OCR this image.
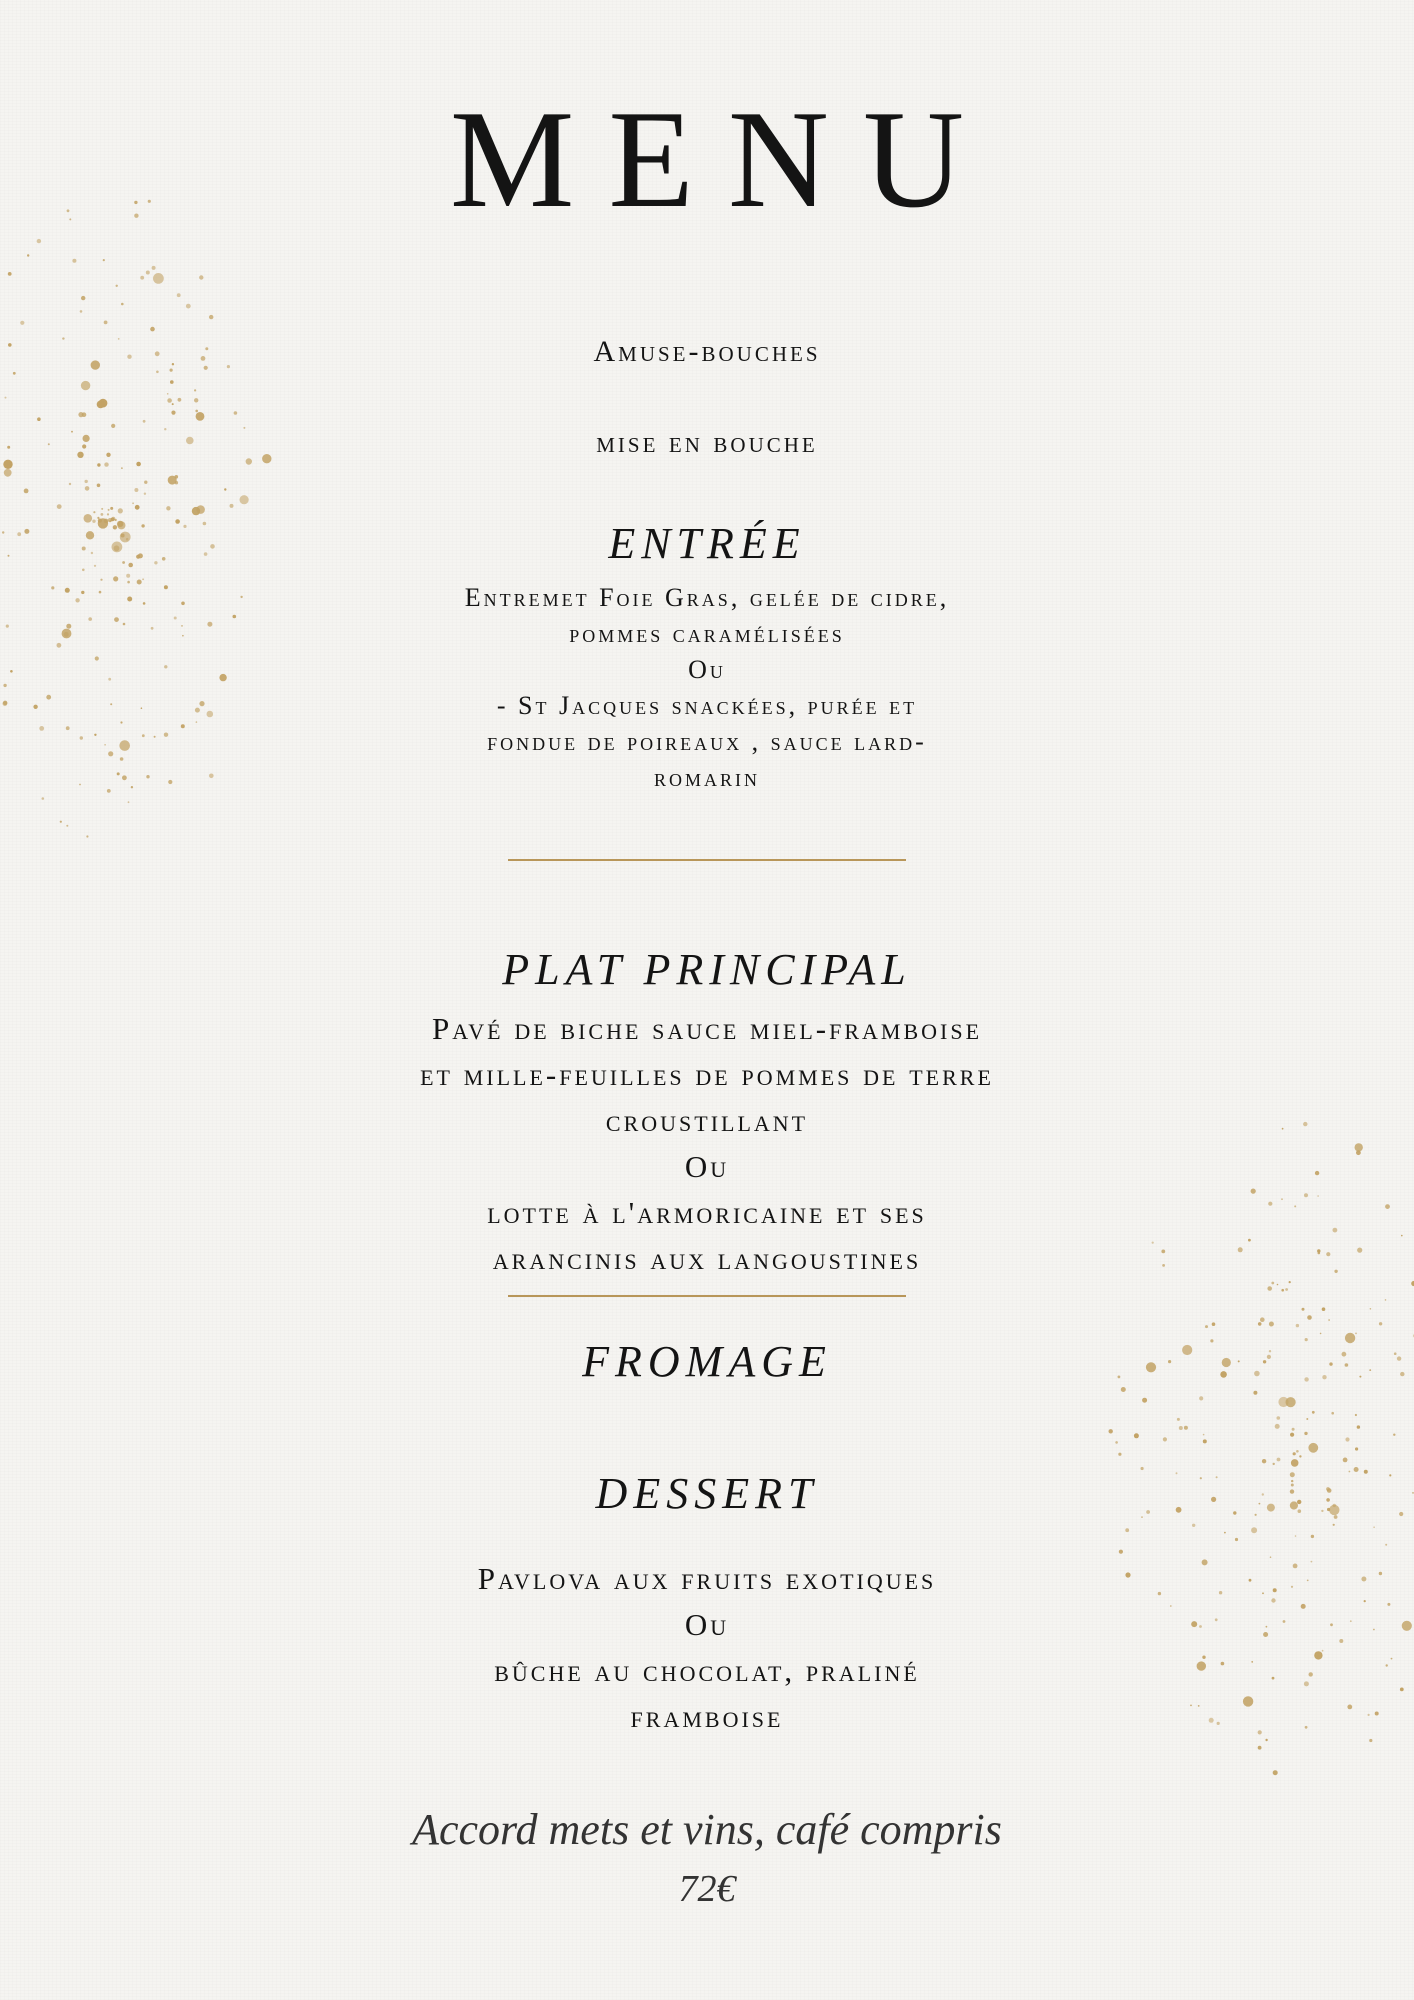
MENU
Amuse-bouches
mise en bouche
ENTRÉE
Entremet Foie Gras, gelée de cidre,
pommes caramélisées
Ou
- St Jacques snackées, purée et
fondue de poireaux , sauce lard-
romarin
PLAT PRINCIPAL
Pavé de biche sauce miel-framboise
et mille-feuilles de pommes de terre
croustillant
Ou
lotte à l'armoricaine et ses
arancinis aux langoustines
FROMAGE
DESSERT
Pavlova aux fruits exotiques
Ou
bûche au chocolat, praliné
framboise
Accord mets et vins, café compris
72€
